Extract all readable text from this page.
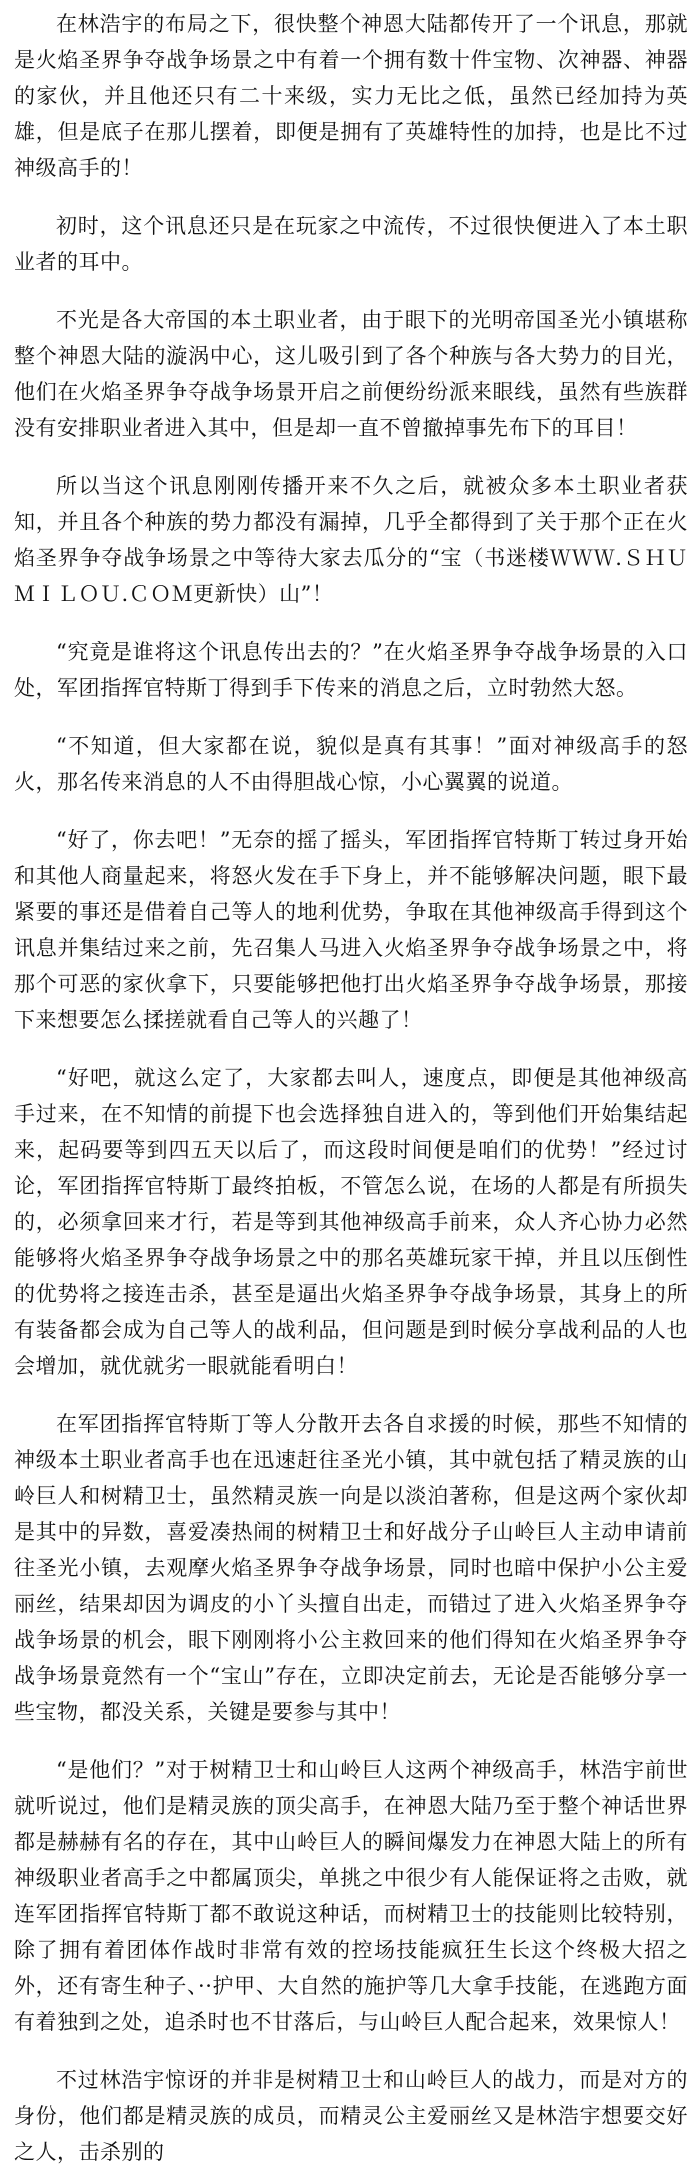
在林浩宇的布局之下，很快整个神恩大陆都传开了一个讯息，那就是火焰圣界争夺战争场景之中有着一个拥有数十件宝物、次神器、神器的家伙，并且他还只有二十来级，实力无比之低，虽然已经加持为英雄，但是底子在那儿摆着，即便是拥有了英雄特性的加持，也是比不过神级高手的！

初时，这个讯息还只是在玩家之中流传，不过很快便进入了本土职业者的耳中。

不光是各大帝国的本土职业者，由于眼下的光明帝国圣光小镇堪称整个神恩大陆的漩涡中心，这儿吸引到了各个种族与各大势力的目光，他们在火焰圣界争夺战争场景开启之前便纷纷派来眼线，虽然有些族群没有安排职业者进入其中，但是却一直不曾撤掉事先布下的耳目！

所以当这个讯息刚刚传播开来不久之后，就被众多本土职业者获知，并且各个种族的势力都没有漏掉，几乎全都得到了关于那个正在火焰圣界争夺战争场景之中等待大家去瓜分的“宝（书迷楼ＷＷＷ.ＳＨＵＭＩＬＯＵ.ＣＯＭ更新快）山”！

“究竟是谁将这个讯息传出去的？”在火焰圣界争夺战争场景的入口处，军团指挥官特斯丁得到手下传来的消息之后，立时勃然大怒。

“不知道，但大家都在说，貌似是真有其事！”面对神级高手的怒火，那名传来消息的人不由得胆战心惊，小心翼翼的说道。

“好了，你去吧！”无奈的摇了摇头，军团指挥官特斯丁转过身开始和其他人商量起来，将怒火发在手下身上，并不能够解决问题，眼下最紧要的事还是借着自己等人的地利优势，争取在其他神级高手得到这个讯息并集结过来之前，先召集人马进入火焰圣界争夺战争场景之中，将那个可恶的家伙拿下，只要能够把他打出火焰圣界争夺战争场景，那接下来想要怎么揉搓就看自己等人的兴趣了！

“好吧，就这么定了，大家都去叫人，速度点，即便是其他神级高手过来，在不知情的前提下也会选择独自进入的，等到他们开始集结起来，起码要等到四五天以后了，而这段时间便是咱们的优势！”经过讨论，军团指挥官特斯丁最终拍板，不管怎么说，在场的人都是有所损失的，必须拿回来才行，若是等到其他神级高手前来，众人齐心协力必然能够将火焰圣界争夺战争场景之中的那名英雄玩家干掉，并且以压倒性的优势将之接连击杀，甚至是逼出火焰圣界争夺战争场景，其身上的所有装备都会成为自己等人的战利品，但问题是到时候分享战利品的人也会增加，就优就劣一眼就能看明白！

在军团指挥官特斯丁等人分散开去各自求援的时候，那些不知情的神级本土职业者高手也在迅速赶往圣光小镇，其中就包括了精灵族的山岭巨人和树精卫士，虽然精灵族一向是以淡泊著称，但是这两个家伙却是其中的异数，喜爱凑热闹的树精卫士和好战分子山岭巨人主动申请前往圣光小镇，去观摩火焰圣界争夺战争场景，同时也暗中保护小公主爱丽丝，结果却因为调皮的小丫头擅自出走，而错过了进入火焰圣界争夺战争场景的机会，眼下刚刚将小公主救回来的他们得知在火焰圣界争夺战争场景竟然有一个“宝山”存在，立即决定前去，无论是否能够分享一些宝物，都没关系，关键是要参与其中！

“是他们？”对于树精卫士和山岭巨人这两个神级高手，林浩宇前世就听说过，他们是精灵族的顶尖高手，在神恩大陆乃至于整个神话世界都是赫赫有名的存在，其中山岭巨人的瞬间爆发力在神恩大陆上的所有神级职业者高手之中都属顶尖，单挑之中很少有人能保证将之击败，就连军团指挥官特斯丁都不敢说这种话，而树精卫士的技能则比较特别，除了拥有着团体作战时非常有效的控场技能疯狂生长这个终极大招之外，还有寄生种子、··护甲、大自然的施护等几大拿手技能，在逃跑方面有着独到之处，追杀时也不甘落后，与山岭巨人配合起来，效果惊人！

不过林浩宇惊讶的并非是树精卫士和山岭巨人的战力，而是对方的身份，他们都是精灵族的成员，而精灵公主爱丽丝又是林浩宇想要交好之人，击杀别的
